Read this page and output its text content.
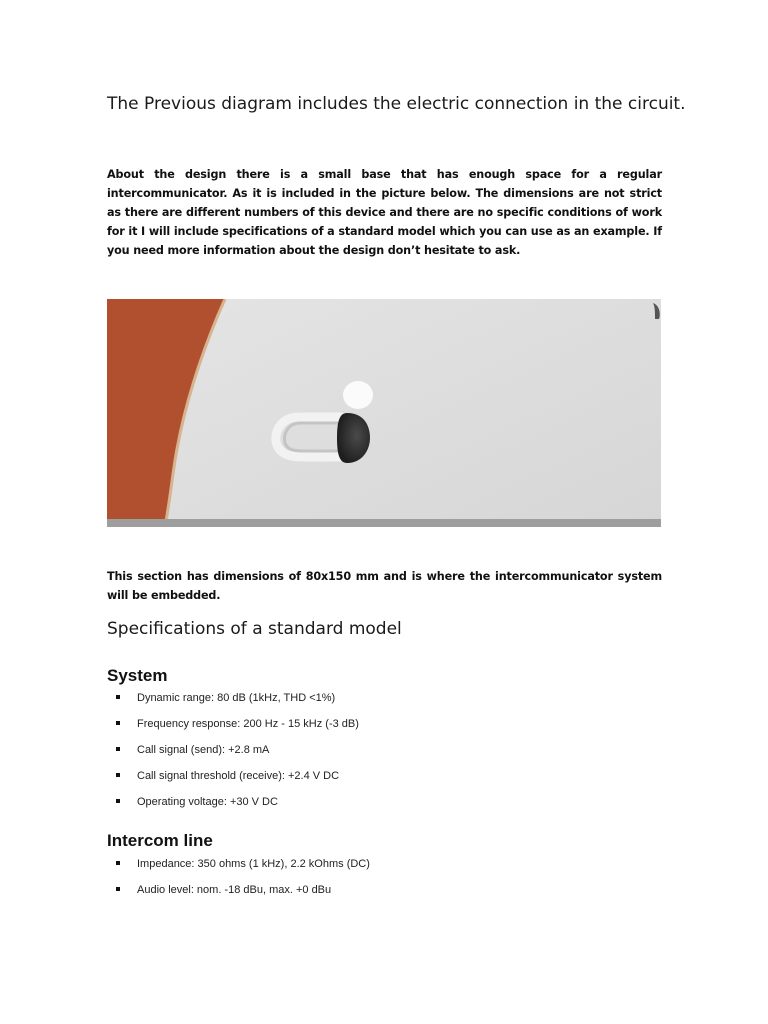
The Previous diagram includes the electric connection in the circuit.
About the design there is a small base that has enough space for a regular intercommunicator. As it is included in the picture below. The dimensions are not strict as there are different numbers of this device and there are no specific conditions of work for it I will include specifications of a standard model which you can use as an example. If you need more information about the design don’t hesitate to ask.
This section has dimensions of 80x150 mm and is where the intercommunicator system will be embedded.
Specifications of a standard model
System
Dynamic range: 80 dB (1kHz, THD <1%)
Frequency response: 200 Hz - 15 kHz (-3 dB)
Call signal (send): +2.8 mA
Call signal threshold (receive): +2.4 V DC
Operating voltage: +30 V DC
Intercom line
Impedance: 350 ohms (1 kHz), 2.2 kOhms (DC)
Audio level: nom. -18 dBu, max. +0 dBu
